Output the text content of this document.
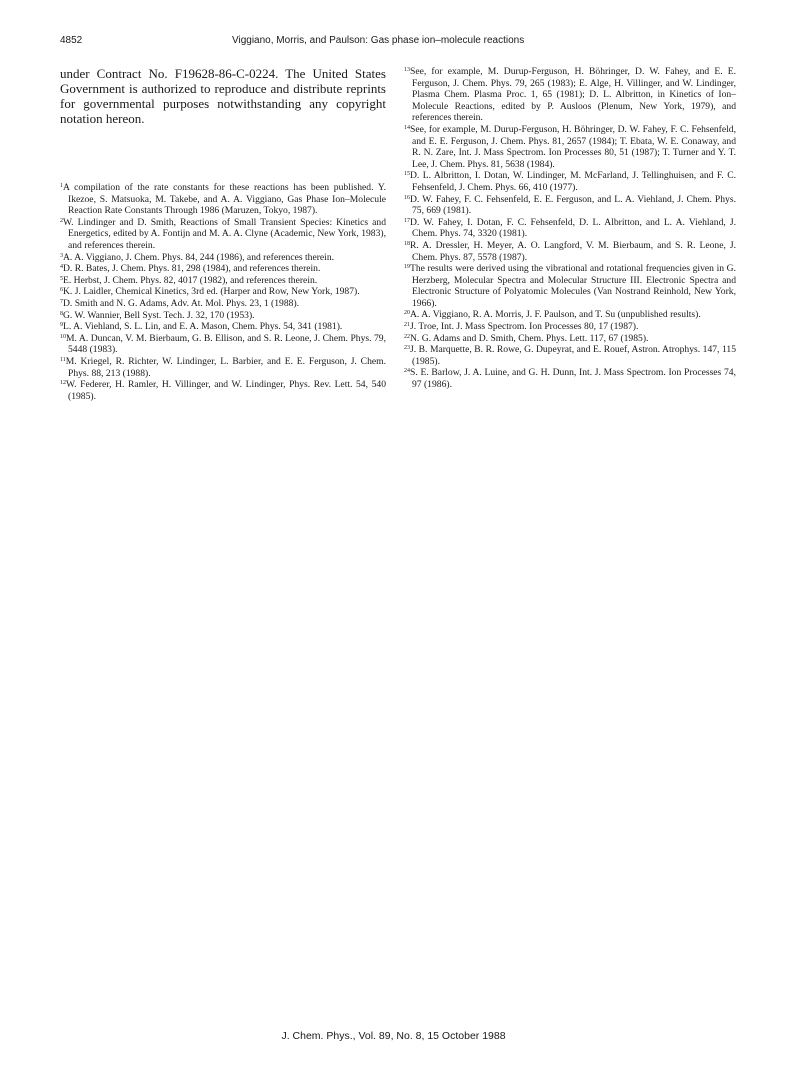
4852	Viggiano, Morris, and Paulson: Gas phase ion–molecule reactions

under Contract No. F19628-86-C-0224. The United States Government is authorized to reproduce and distribute reprints for governmental purposes notwithstanding any copyright notation hereon.

$^1$A compilation of the rate constants for these reactions has been published. Y. Ikezoe, S. Matsuoka, M. Takebe, and A. A. Viggiano, Gas Phase Ion–Molecule Reaction Rate Constants Through 1986 (Maruzen, Tokyo, 1987).

$^2$W. Lindinger and D. Smith, Reactions of Small Transient Species: Kinetics and Energetics, edited by A. Fontijn and M. A. A. Clyne (Academic, New York, 1983), and references therein.

$^3$A. A. Viggiano, J. Chem. Phys. 84, 244 (1986), and references therein.

$^4$D. R. Bates, J. Chem. Phys. 81, 298 (1984), and references therein.

$^5$E. Herbst, J. Chem. Phys. 82, 4017 (1982), and references therein.

$^6$K. J. Laidler, Chemical Kinetics, 3rd ed. (Harper and Row, New York, 1987).

$^7$D. Smith and N. G. Adams, Adv. At. Mol. Phys. 23, 1 (1988).

$^8$G. W. Wannier, Bell Syst. Tech. J. 32, 170 (1953).

$^9$L. A. Viehland, S. L. Lin, and E. A. Mason, Chem. Phys. 54, 341 (1981).

$^{10}$M. A. Duncan, V. M. Bierbaum, G. B. Ellison, and S. R. Leone, J. Chem. Phys. 79, 5448 (1983).

$^{11}$M. Kriegel, R. Richter, W. Lindinger, L. Barbier, and E. E. Ferguson, J. Chem. Phys. 88, 213 (1988).

$^{12}$W. Federer, H. Ramler, H. Villinger, and W. Lindinger, Phys. Rev. Lett. 54, 540 (1985).

$^{13}$See, for example, M. Durup-Ferguson, H. Böhringer, D. W. Fahey, and E. E. Ferguson, J. Chem. Phys. 79, 265 (1983); E. Alge, H. Villinger, and W. Lindinger, Plasma Chem. Plasma Proc. 1, 65 (1981); D. L. Albritton, in Kinetics of Ion–Molecule Reactions, edited by P. Ausloos (Plenum, New York, 1979), and references therein.

$^{14}$See, for example, M. Durup-Ferguson, H. Böhringer, D. W. Fahey, F. C. Fehsenfeld, and E. E. Ferguson, J. Chem. Phys. 81, 2657 (1984); T. Ebata, W. E. Conaway, and R. N. Zare, Int. J. Mass Spectrom. Ion Processes 80, 51 (1987); T. Turner and Y. T. Lee, J. Chem. Phys. 81, 5638 (1984).

$^{15}$D. L. Albritton, I. Dotan, W. Lindinger, M. McFarland, J. Tellinghuisen, and F. C. Fehsenfeld, J. Chem. Phys. 66, 410 (1977).

$^{16}$D. W. Fahey, F. C. Fehsenfeld, E. E. Ferguson, and L. A. Viehland, J. Chem. Phys. 75, 669 (1981).

$^{17}$D. W. Fahey, I. Dotan, F. C. Fehsenfeld, D. L. Albritton, and L. A. Viehland, J. Chem. Phys. 74, 3320 (1981).

$^{18}$R. A. Dressler, H. Meyer, A. O. Langford, V. M. Bierbaum, and S. R. Leone, J. Chem. Phys. 87, 5578 (1987).

$^{19}$The results were derived using the vibrational and rotational frequencies given in G. Herzberg, Molecular Spectra and Molecular Structure III. Electronic Spectra and Electronic Structure of Polyatomic Molecules (Van Nostrand Reinhold, New York, 1966).

$^{20}$A. A. Viggiano, R. A. Morris, J. F. Paulson, and T. Su (unpublished results).

$^{21}$J. Troe, Int. J. Mass Spectrom. Ion Processes 80, 17 (1987).

$^{22}$N. G. Adams and D. Smith, Chem. Phys. Lett. 117, 67 (1985).

$^{23}$J. B. Marquette, B. R. Rowe, G. Dupeyrat, and E. Rouef, Astron. Atrophys. 147, 115 (1985).

$^{24}$S. E. Barlow, J. A. Luine, and G. H. Dunn, Int. J. Mass Spectrom. Ion Processes 74, 97 (1986).

J. Chem. Phys., Vol. 89, No. 8, 15 October 1988
